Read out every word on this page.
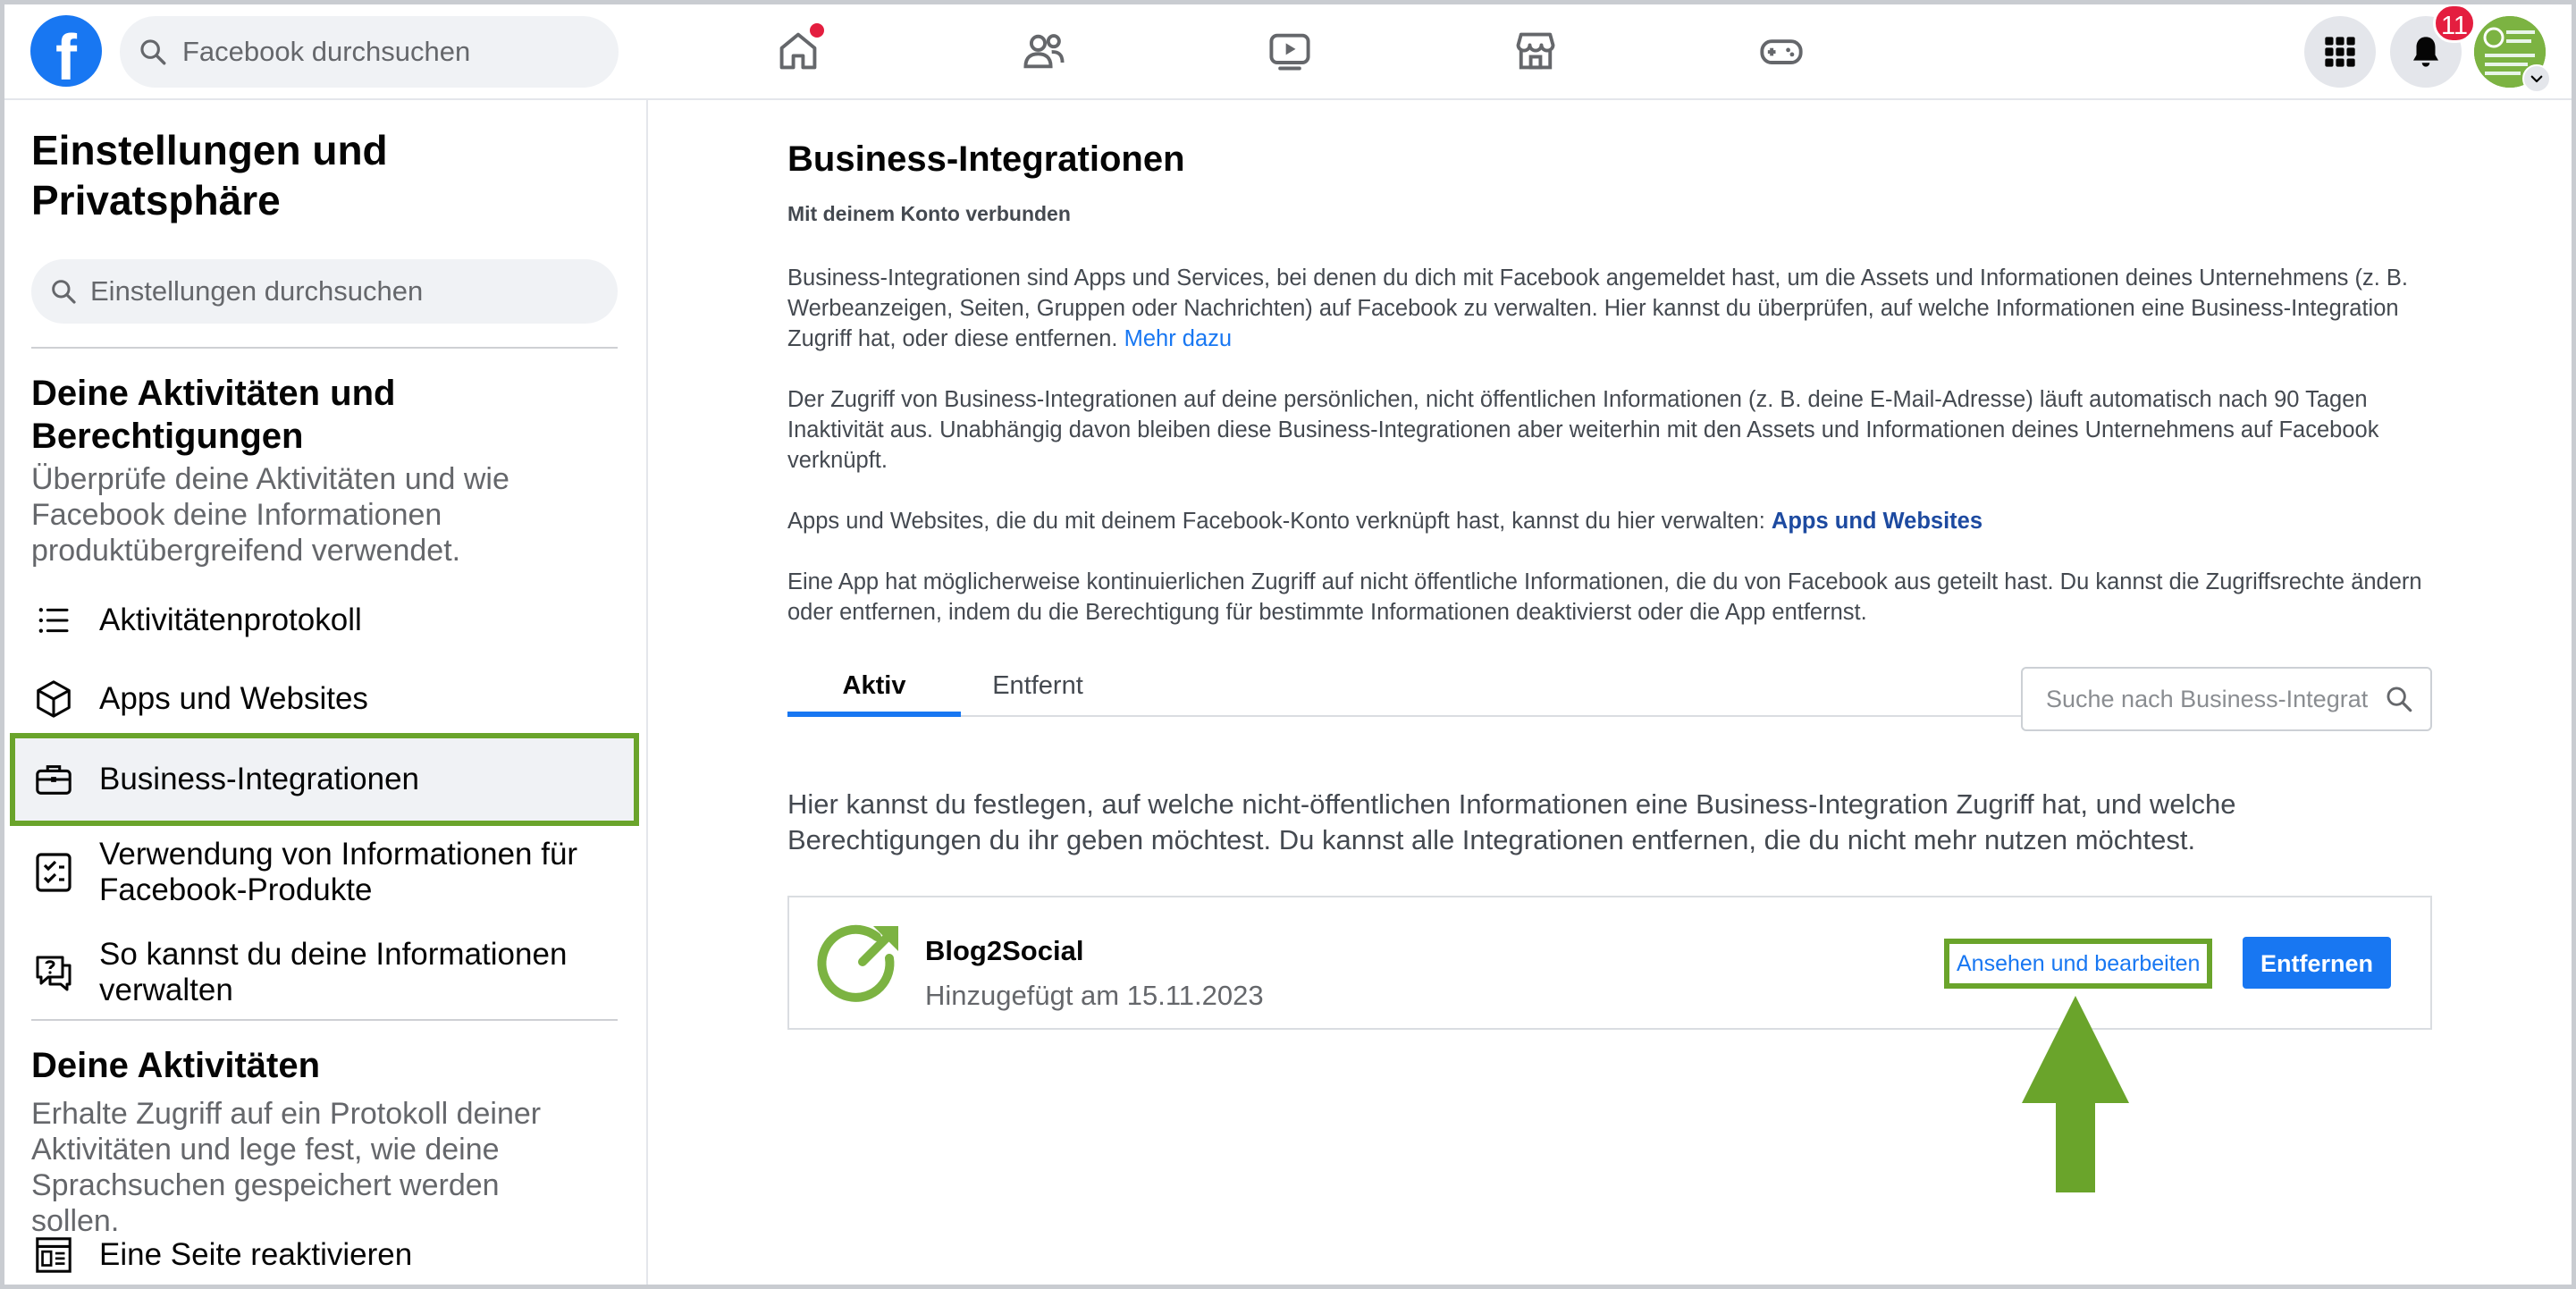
f
Facebook durchsuchen	11
Einstellungen und Privatsphäre
Einstellungen durchsuchen
Deine Aktivitäten und Berechtigungen
Überprüfe deine Aktivitäten und wie Facebook deine Informationen produktübergreifend verwendet.
Aktivitätenprotokoll
Apps und Websites
Business-Integrationen
Verwendung von Informationen für Facebook-Produkte
So kannst du deine Informationen verwalten
Deine Aktivitäten
Erhalte Zugriff auf ein Protokoll deiner Aktivitäten und lege fest, wie deine Sprachsuchen gespeichert werden sollen.
Eine Seite reaktivieren
Business-Integrationen
Mit deinem Konto verbunden
Business-Integrationen sind Apps und Services, bei denen du dich mit Facebook angemeldet hast, um die Assets und Informationen deines Unternehmens (z. B. Werbeanzeigen, Seiten, Gruppen oder Nachrichten) auf Facebook zu verwalten. Hier kannst du überprüfen, auf welche Informationen eine Business-Integration Zugriff hat, oder diese entfernen. Mehr dazu
Der Zugriff von Business-Integrationen auf deine persönlichen, nicht öffentlichen Informationen (z. B. deine E-Mail-Adresse) läuft automatisch nach 90 Tagen Inaktivität aus. Unabhängig davon bleiben diese Business-Integrationen aber weiterhin mit den Assets und Informationen deines Unternehmens auf Facebook verknüpft.
Apps und Websites, die du mit deinem Facebook-Konto verknüpft hast, kannst du hier verwalten: Apps und Websites
Eine App hat möglicherweise kontinuierlichen Zugriff auf nicht öffentliche Informationen, die du von Facebook aus geteilt hast. Du kannst die Zugriffsrechte ändern oder entfernen, indem du die Berechtigung für bestimmte Informationen deaktivierst oder die App entfernst.
Aktiv	Entfernt
Suche nach Business-Integrationen
Hier kannst du festlegen, auf welche nicht-öffentlichen Informationen eine Business-Integration Zugriff hat, und welche Berechtigungen du ihr geben möchtest. Du kannst alle Integrationen entfernen, die du nicht mehr nutzen möchtest.
Blog2Social
Hinzugefügt am 15.11.2023
Ansehen und bearbeiten	Entfernen
